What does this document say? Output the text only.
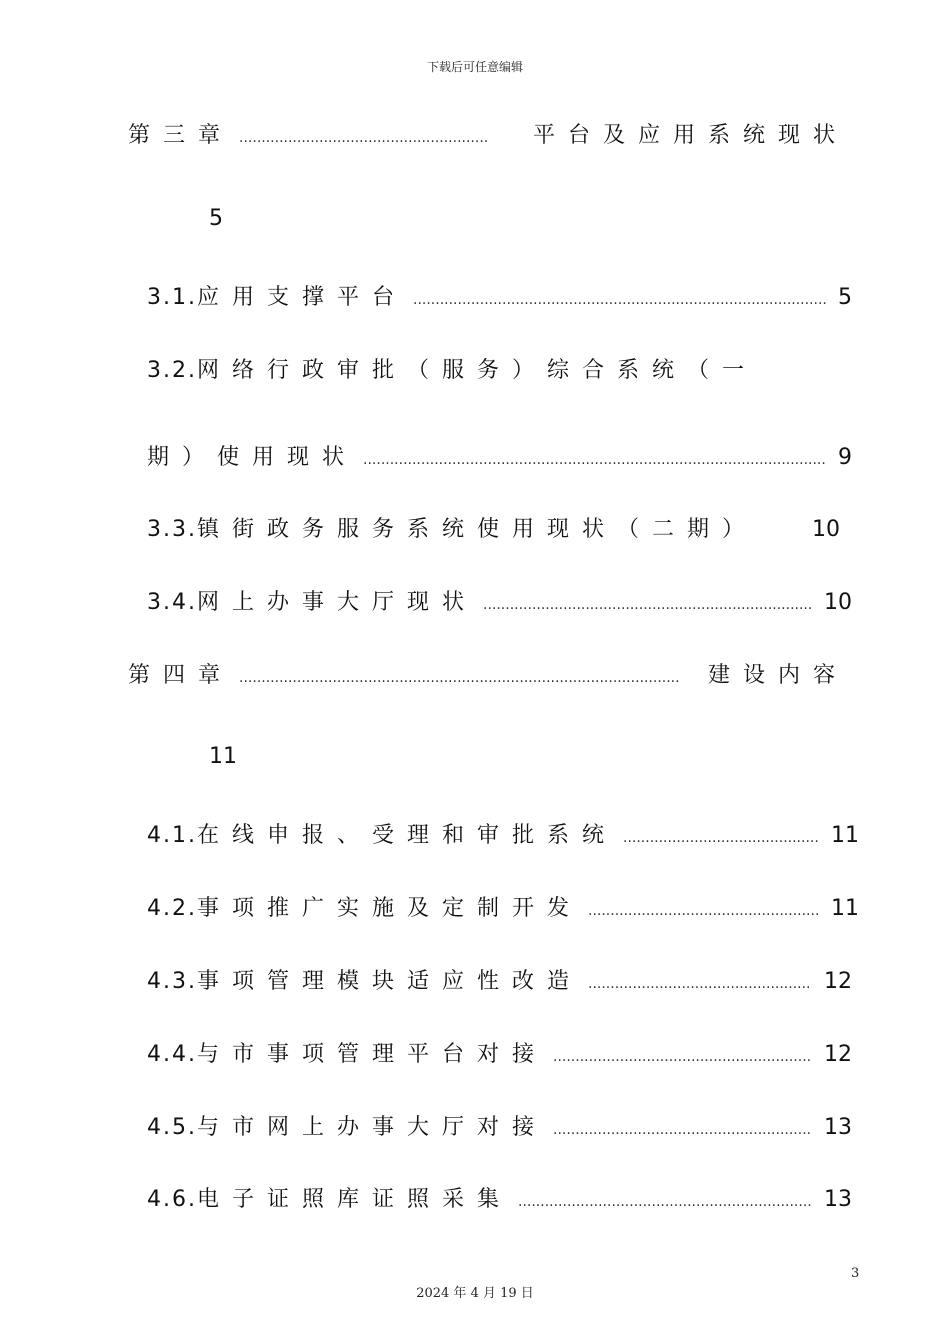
下载后可任意编辑
第三章 .....	平台及应用系统现状
5
3.1. 应用支撑平台 .....	5
3.2. 网络行政审批（服务）综合系统（一
期）使用现状 .....	9
3.3. 镇街政务服务系统使用现状（二期）	10
3.4. 网上办事大厅现状 .....	10
第四章 .....	建设内容
11
4.1. 在线申报、受理和审批系统 .....	11
4.2. 事项推广实施及定制开发 .....	11
4.3. 事项管理模块适应性改造 .....	12
4.4. 与市事项管理平台对接 .....	12
4.5. 与市网上办事大厅对接 .....	13
4.6. 电子证照库证照采集 .....	13
3
2024 年 4 月 19 日
